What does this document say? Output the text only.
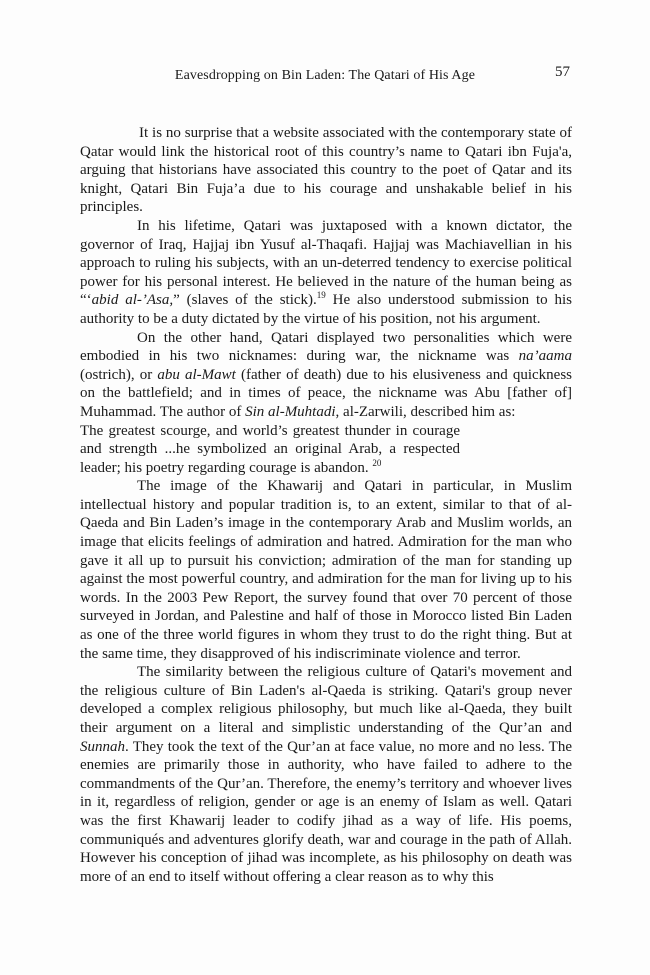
Eavesdropping on Bin Laden: The Qatari of His Age	57

It is no surprise that a website associated with the contemporary state of Qatar would link the historical root of this country’s name to Qatari ibn Fuja'a, arguing that historians have associated this country to the poet of Qatar and its knight, Qatari Bin Fuja’a due to his courage and unshakable belief in his principles.

In his lifetime, Qatari was juxtaposed with a known dictator, the governor of Iraq, Hajjaj ibn Yusuf al-Thaqafi. Hajjaj was Machiavellian in his approach to ruling his subjects, with an un-deterred tendency to exercise political power for his personal interest. He believed in the nature of the human being as “‘abid al-’Asa,” (slaves of the stick).$^{19}$ He also understood submission to his authority to be a duty dictated by the virtue of his position, not his argument.

On the other hand, Qatari displayed two personalities which were embodied in his two nicknames: during war, the nickname was na’aama (ostrich), or abu al-Mawt (father of death) due to his elusiveness and quickness on the battlefield; and in times of peace, the nickname was Abu [father of] Muhammad. The author of Sin al-Muhtadi, al-Zarwili, described him as:

The greatest scourge, and world’s greatest thunder in courage and strength ...he symbolized an original Arab, a respected leader; his poetry regarding courage is abandon. $^{20}$

The image of the Khawarij and Qatari in particular, in Muslim intellectual history and popular tradition is, to an extent, similar to that of al-Qaeda and Bin Laden’s image in the contemporary Arab and Muslim worlds, an image that elicits feelings of admiration and hatred. Admiration for the man who gave it all up to pursuit his conviction; admiration of the man for standing up against the most powerful country, and admiration for the man for living up to his words. In the 2003 Pew Report, the survey found that over 70 percent of those surveyed in Jordan, and Palestine and half of those in Morocco listed Bin Laden as one of the three world figures in whom they trust to do the right thing. But at the same time, they disapproved of his indiscriminate violence and terror.

The similarity between the religious culture of Qatari's movement and the religious culture of Bin Laden's al-Qaeda is striking. Qatari's group never developed a complex religious philosophy, but much like al-Qaeda, they built their argument on a literal and simplistic understanding of the Qur’an and Sunnah. They took the text of the Qur’an at face value, no more and no less. The enemies are primarily those in authority, who have failed to adhere to the commandments of the Qur’an. Therefore, the enemy’s territory and whoever lives in it, regardless of religion, gender or age is an enemy of Islam as well. Qatari was the first Khawarij leader to codify jihad as a way of life. His poems, communiqués and adventures glorify death, war and courage in the path of Allah. However his conception of jihad was incomplete, as his philosophy on death was more of an end to itself without offering a clear reason as to why this
